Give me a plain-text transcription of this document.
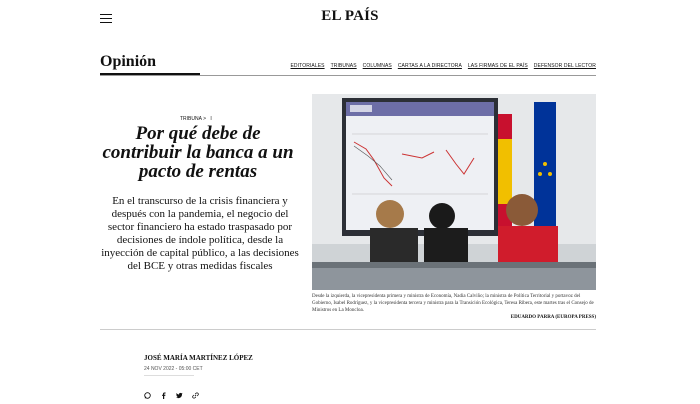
EL PAÍS
Opinión	EDITORIALES TRIBUNAS COLUMNAS CARTAS A LA DIRECTORA LAS FIRMAS DE EL PAÍS DEFENSOR DEL LECTOR
TRIBUNA > I
Por qué debe de contribuir la banca a un pacto de rentas

En el transcurso de la crisis financiera y después con la pandemia, el negocio del sector financiero ha estado traspasado por decisiones de índole política, desde la inyección de capital público, a las decisiones del BCE y otras medidas fiscales

Desde la izquierda, la vicepresidenta primera y ministra de Economía, Nadia Calviño; la ministra de Política Territorial y portavoz del Gobierno, Isabel Rodríguez, y la vicepresidenta tercera y ministra para la Transición Ecológica, Teresa Ribera, este martes tras el Consejo de Ministros en La Moncloa.

EDUARDO PARRA (EUROPA PRESS)
JOSÉ MARÍA MARTÍNEZ LÓPEZ
24 NOV 2022 - 05:00 CET
